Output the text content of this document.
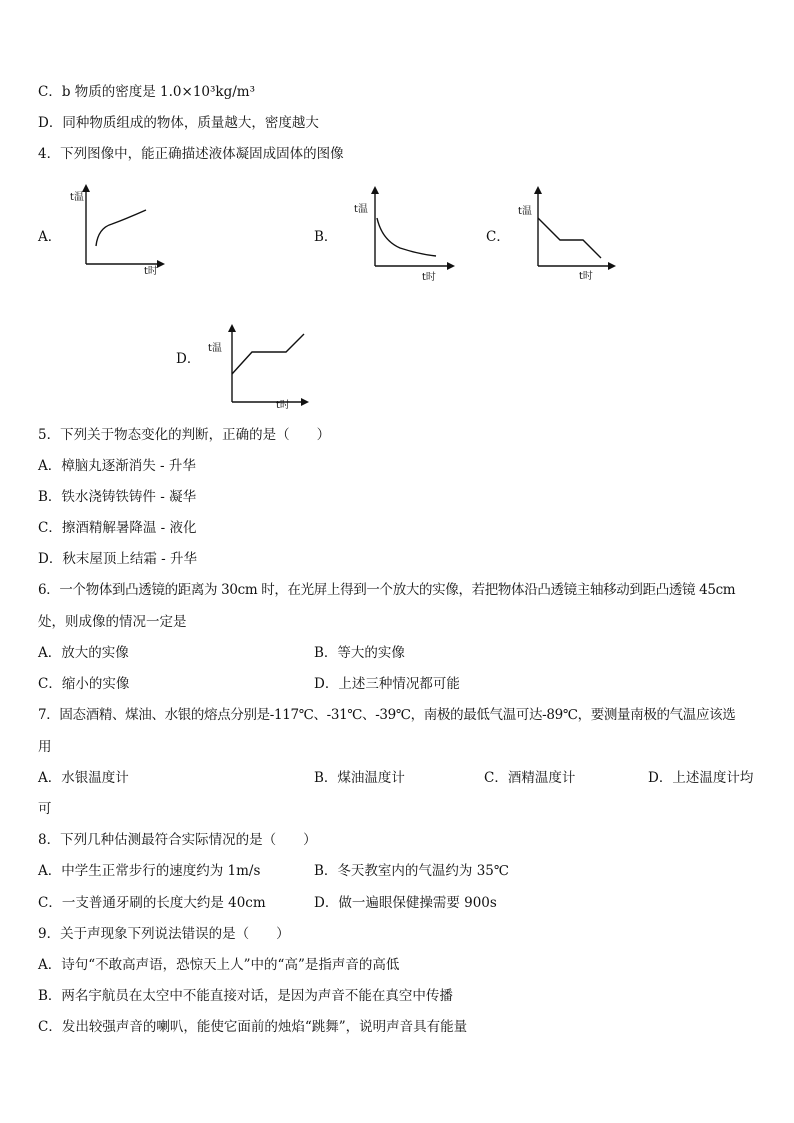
C．b 物质的密度是 1.0×10³kg/m³
D．同种物质组成的物体，质量越大，密度越大
4．下列图像中，能正确描述液体凝固成固体的图像
A．
t温
t时
B．
t温
t时
C．
t温
t时
D．
t温
t时
5．下列关于物态变化的判断，正确的是（　　）
A．樟脑丸逐渐消失 - 升华
B．铁水浇铸铁铸件 - 凝华
C．擦酒精解暑降温 - 液化
D．秋末屋顶上结霜 - 升华
6．一个物体到凸透镜的距离为 30cm 时，在光屏上得到一个放大的实像，若把物体沿凸透镜主轴移动到距凸透镜 45cm
处，则成像的情况一定是
A．放大的实像	B．等大的实像
C．缩小的实像	D．上述三种情况都可能
7．固态酒精、煤油、水银的熔点分别是-117℃、-31℃、-39℃，南极的最低气温可达-89℃，要测量南极的气温应该选
用
A．水银温度计	B．煤油温度计	C．酒精温度计	D．上述温度计均
可
8．下列几种估测最符合实际情况的是（　　）
A．中学生正常步行的速度约为 1m/s	B．冬天教室内的气温约为 35℃
C．一支普通牙刷的长度大约是 40cm	D．做一遍眼保健操需要 900s
9．关于声现象下列说法错误的是（　　）
A．诗句“不敢高声语，恐惊天上人”中的“高”是指声音的高低
B．两名宇航员在太空中不能直接对话，是因为声音不能在真空中传播
C．发出较强声音的喇叭，能使它面前的烛焰“跳舞”，说明声音具有能量
